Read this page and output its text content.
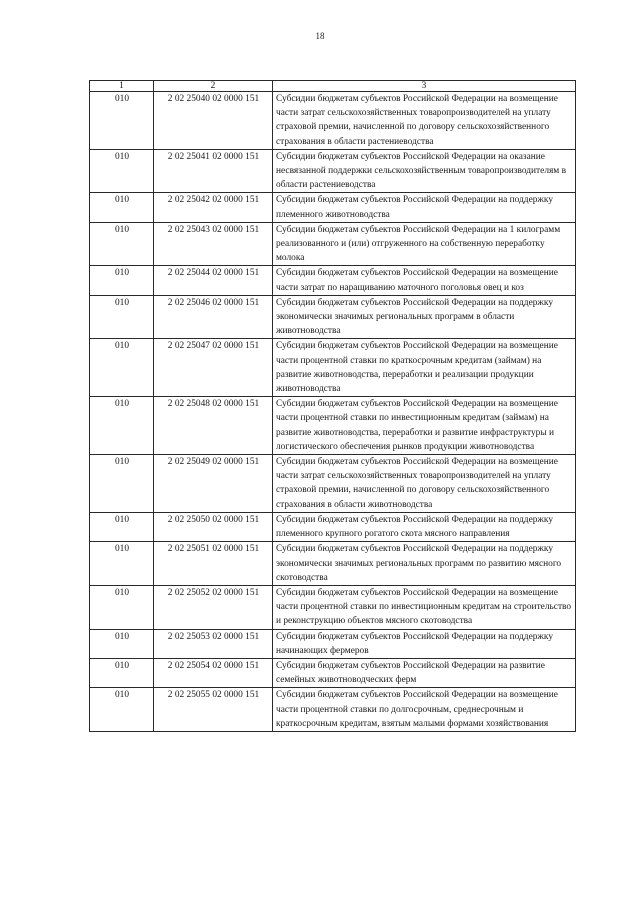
18
1	2	3
010	2 02 25040 02 0000 151	Субсидии бюджетам субъектов Российской Федерации на возмещение части затрат сельскохозяйственных товаропроизводителей на уплату страховой премии, начисленной по договору сельскохозяйственного страхования в области растениеводства
010	2 02 25041 02 0000 151	Субсидии бюджетам субъектов Российской Федерации на оказание несвязанной поддержки сельскохозяйственным товаропроизводителям в области растениеводства
010	2 02 25042 02 0000 151	Субсидии бюджетам субъектов Российской Федерации на поддержку племенного животноводства
010	2 02 25043 02 0000 151	Субсидии бюджетам субъектов Российской Федерации на 1 килограмм реализованного и (или) отгруженного на собственную переработку молока
010	2 02 25044 02 0000 151	Субсидии бюджетам субъектов Российской Федерации на возмещение части затрат по наращиванию маточного поголовья овец и коз
010	2 02 25046 02 0000 151	Субсидии бюджетам субъектов Российской Федерации на поддержку экономически значимых региональных программ в области животноводства
010	2 02 25047 02 0000 151	Субсидии бюджетам субъектов Российской Федерации на возмещение части процентной ставки по краткосрочным кредитам (займам) на развитие животноводства, переработки и реализации продукции животноводства
010	2 02 25048 02 0000 151	Субсидии бюджетам субъектов Российской Федерации на возмещение части процентной ставки по инвестиционным кредитам (займам) на развитие животноводства, переработки и развитие инфраструктуры и логистического обеспечения рынков продукции животноводства
010	2 02 25049 02 0000 151	Субсидии бюджетам субъектов Российской Федерации на возмещение части затрат сельскохозяйственных товаропроизводителей на уплату страховой премии, начисленной по договору сельскохозяйственного страхования в области животноводства
010	2 02 25050 02 0000 151	Субсидии бюджетам субъектов Российской Федерации на поддержку племенного крупного рогатого скота мясного направления
010	2 02 25051 02 0000 151	Субсидии бюджетам субъектов Российской Федерации на поддержку экономически значимых региональных программ по развитию мясного скотоводства
010	2 02 25052 02 0000 151	Субсидии бюджетам субъектов Российской Федерации на возмещение части процентной ставки по инвестиционным кредитам на строительство и реконструкцию объектов мясного скотоводства
010	2 02 25053 02 0000 151	Субсидии бюджетам субъектов Российской Федерации на поддержку начинающих фермеров
010	2 02 25054 02 0000 151	Субсидии бюджетам субъектов Российской Федерации на развитие семейных животноводческих ферм
010	2 02 25055 02 0000 151	Субсидии бюджетам субъектов Российской Федерации на возмещение части процентной ставки по долгосрочным, среднесрочным и краткосрочным кредитам, взятым малыми формами хозяйствования
